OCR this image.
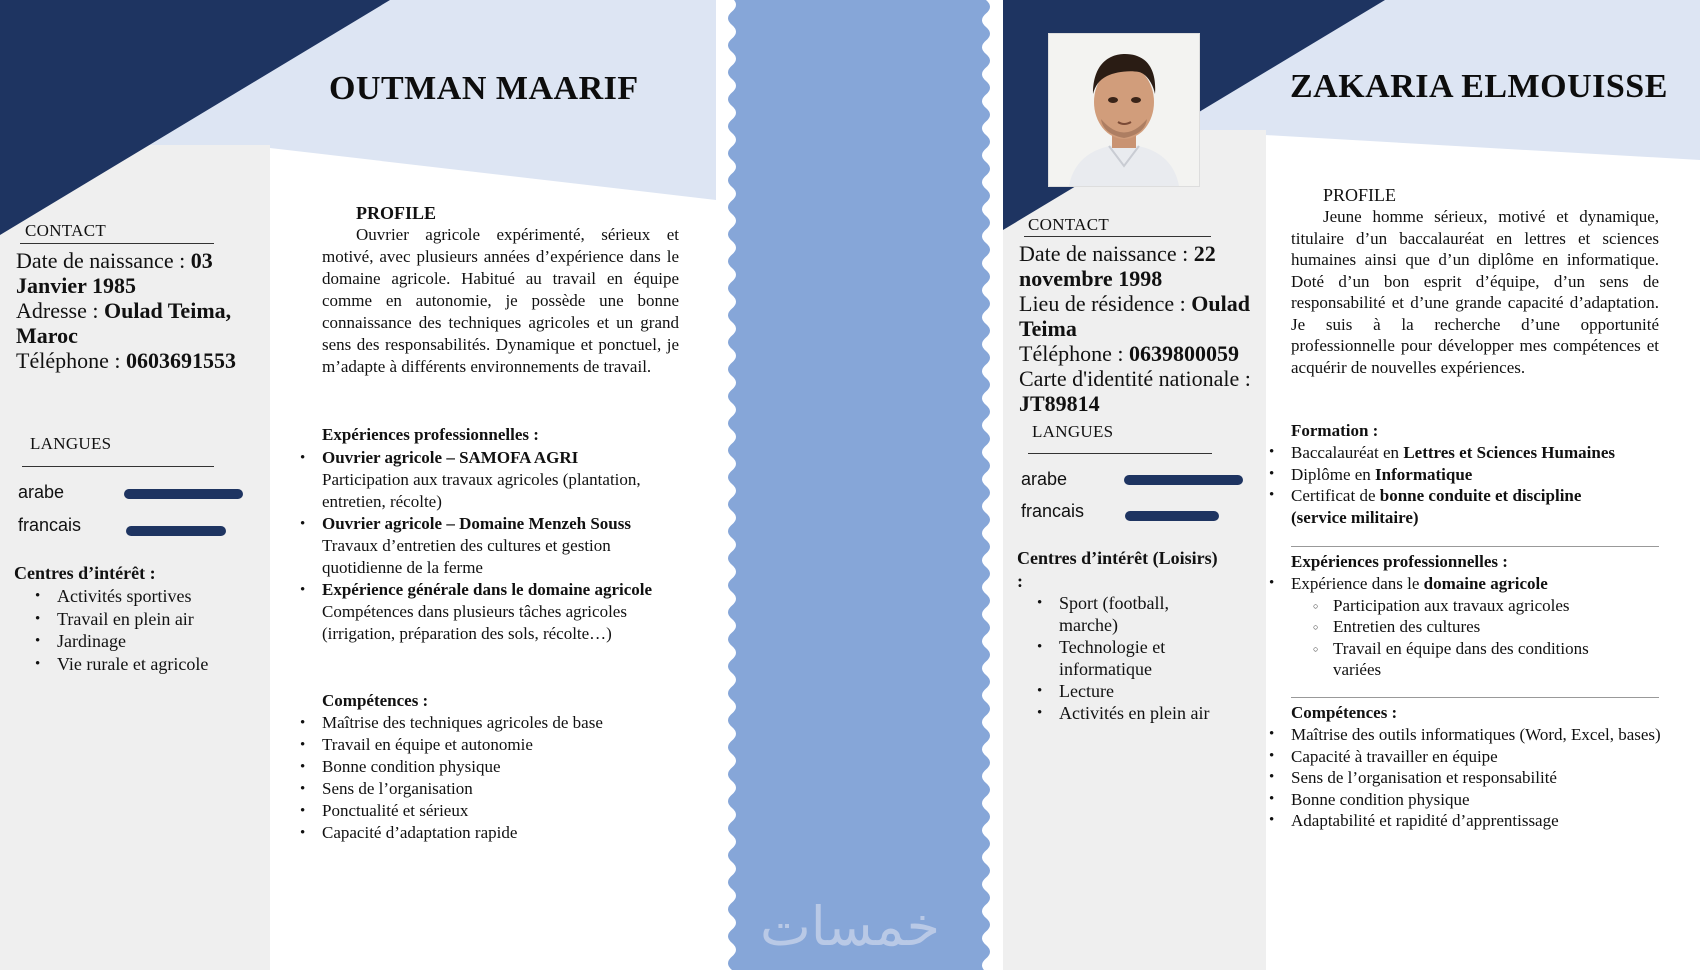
خمسات
OUTMAN MAARIF
CONTACT
Date de naissance : 03
Janvier 1985
Adresse : Oulad Teima,
Maroc
Téléphone : 0603691553
LANGUES
arabe
francais
Centres d’intérêt :
• Activités sportives
• Travail en plein air
• Jardinage
• Vie rurale et agricole
PROFILE
Ouvrier agricole expérimenté, sérieux et motivé, avec plusieurs années d’expérience dans le domaine agricole. Habitué au travail en équipe comme en autonomie, je possède une bonne connaissance des techniques agricoles et un grand sens des responsabilités. Dynamique et ponctuel, je m’adapte à différents environnements de travail.
Expériences professionnelles :
• Ouvrier agricole – SAMOFA AGRI
Participation aux travaux agricoles (plantation, entretien, récolte)
• Ouvrier agricole – Domaine Menzeh Souss
Travaux d’entretien des cultures et gestion quotidienne de la ferme
• Expérience générale dans le domaine agricole
Compétences dans plusieurs tâches agricoles (irrigation, préparation des sols, récolte…)
Compétences :
• Maîtrise des techniques agricoles de base
• Travail en équipe et autonomie
• Bonne condition physique
• Sens de l’organisation
• Ponctualité et sérieux
• Capacité d’adaptation rapide
ZAKARIA ELMOUISSE
CONTACT
Date de naissance : 22
novembre 1998
Lieu de résidence : Oulad
Teima
Téléphone : 0639800059
Carte d'identité nationale :
JT89814
LANGUES
arabe
francais
Centres d’intérêt (Loisirs)
:
• Sport (football, marche)
• Technologie et informatique
• Lecture
• Activités en plein air
PROFILE
Jeune homme sérieux, motivé et dynamique, titulaire d’un baccalauréat en lettres et sciences humaines ainsi que d’un diplôme en informatique. Doté d’un bon esprit d’équipe, d’un sens de responsabilité et d’une grande capacité d’adaptation. Je suis à la recherche d’une opportunité professionnelle pour développer mes compétences et acquérir de nouvelles expériences.
Formation :
• Baccalauréat en Lettres et Sciences Humaines
• Diplôme en Informatique
• Certificat de bonne conduite et discipline (service militaire)
Expériences professionnelles :
• Expérience dans le domaine agricole
○ Participation aux travaux agricoles
○ Entretien des cultures
○ Travail en équipe dans des conditions variées
Compétences :
• Maîtrise des outils informatiques (Word, Excel, bases)
• Capacité à travailler en équipe
• Sens de l’organisation et responsabilité
• Bonne condition physique
• Adaptabilité et rapidité d’apprentissage
